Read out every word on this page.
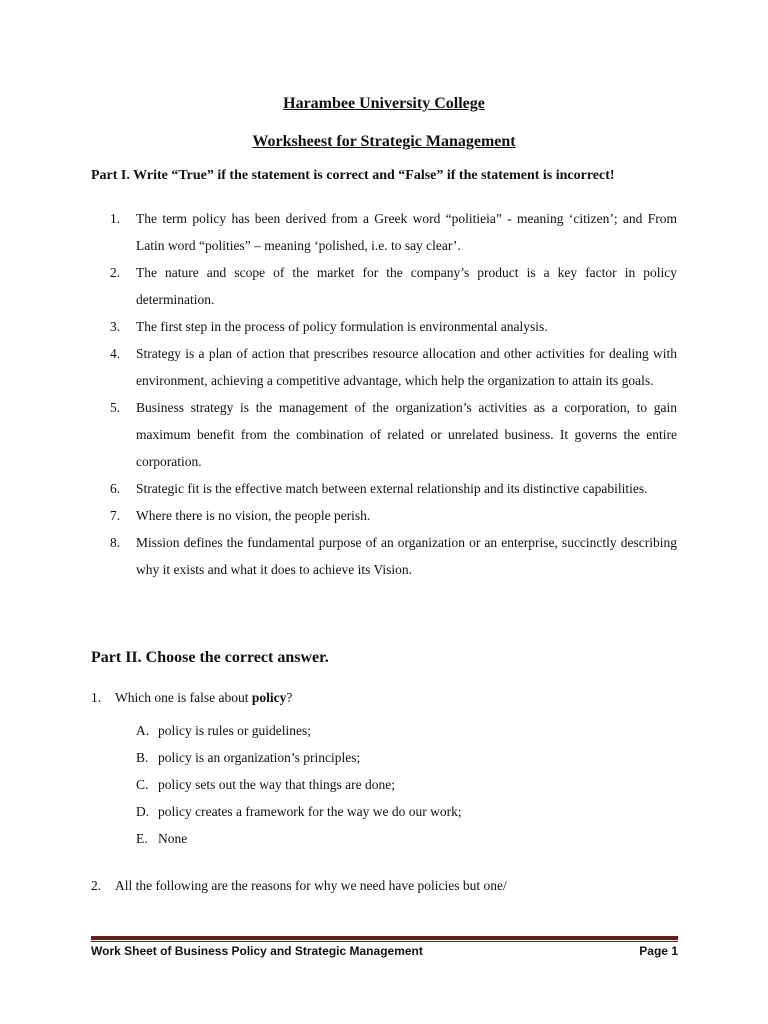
Harambee University College
Worksheest for Strategic Management
Part I. Write “True” if the statement is correct and “False” if the statement is incorrect!
1. The term policy has been derived from a Greek word “politieia” - meaning ‘citizen’; and From Latin word “polities” – meaning ‘polished, i.e. to say clear’.
2. The nature and scope of the market for the company’s product is a key factor in policy determination.
3. The first step in the process of policy formulation is environmental analysis.
4. Strategy is a plan of action that prescribes resource allocation and other activities for dealing with environment, achieving a competitive advantage, which help the organization to attain its goals.
5. Business strategy is the management of the organization’s activities as a corporation, to gain maximum benefit from the combination of related or unrelated business. It governs the entire corporation.
6. Strategic fit is the effective match between external relationship and its distinctive capabilities.
7. Where there is no vision, the people perish.
8. Mission defines the fundamental purpose of an organization or an enterprise, succinctly describing why it exists and what it does to achieve its Vision.
Part II. Choose the correct answer.
1. Which one is false about policy?
A. policy is rules or guidelines;
B. policy is an organization’s principles;
C. policy sets out the way that things are done;
D. policy creates a framework for the way we do our work;
E. None
2. All the following are the reasons for why we need have policies but one/
Work Sheet of Business Policy and Strategic Management	Page 1
